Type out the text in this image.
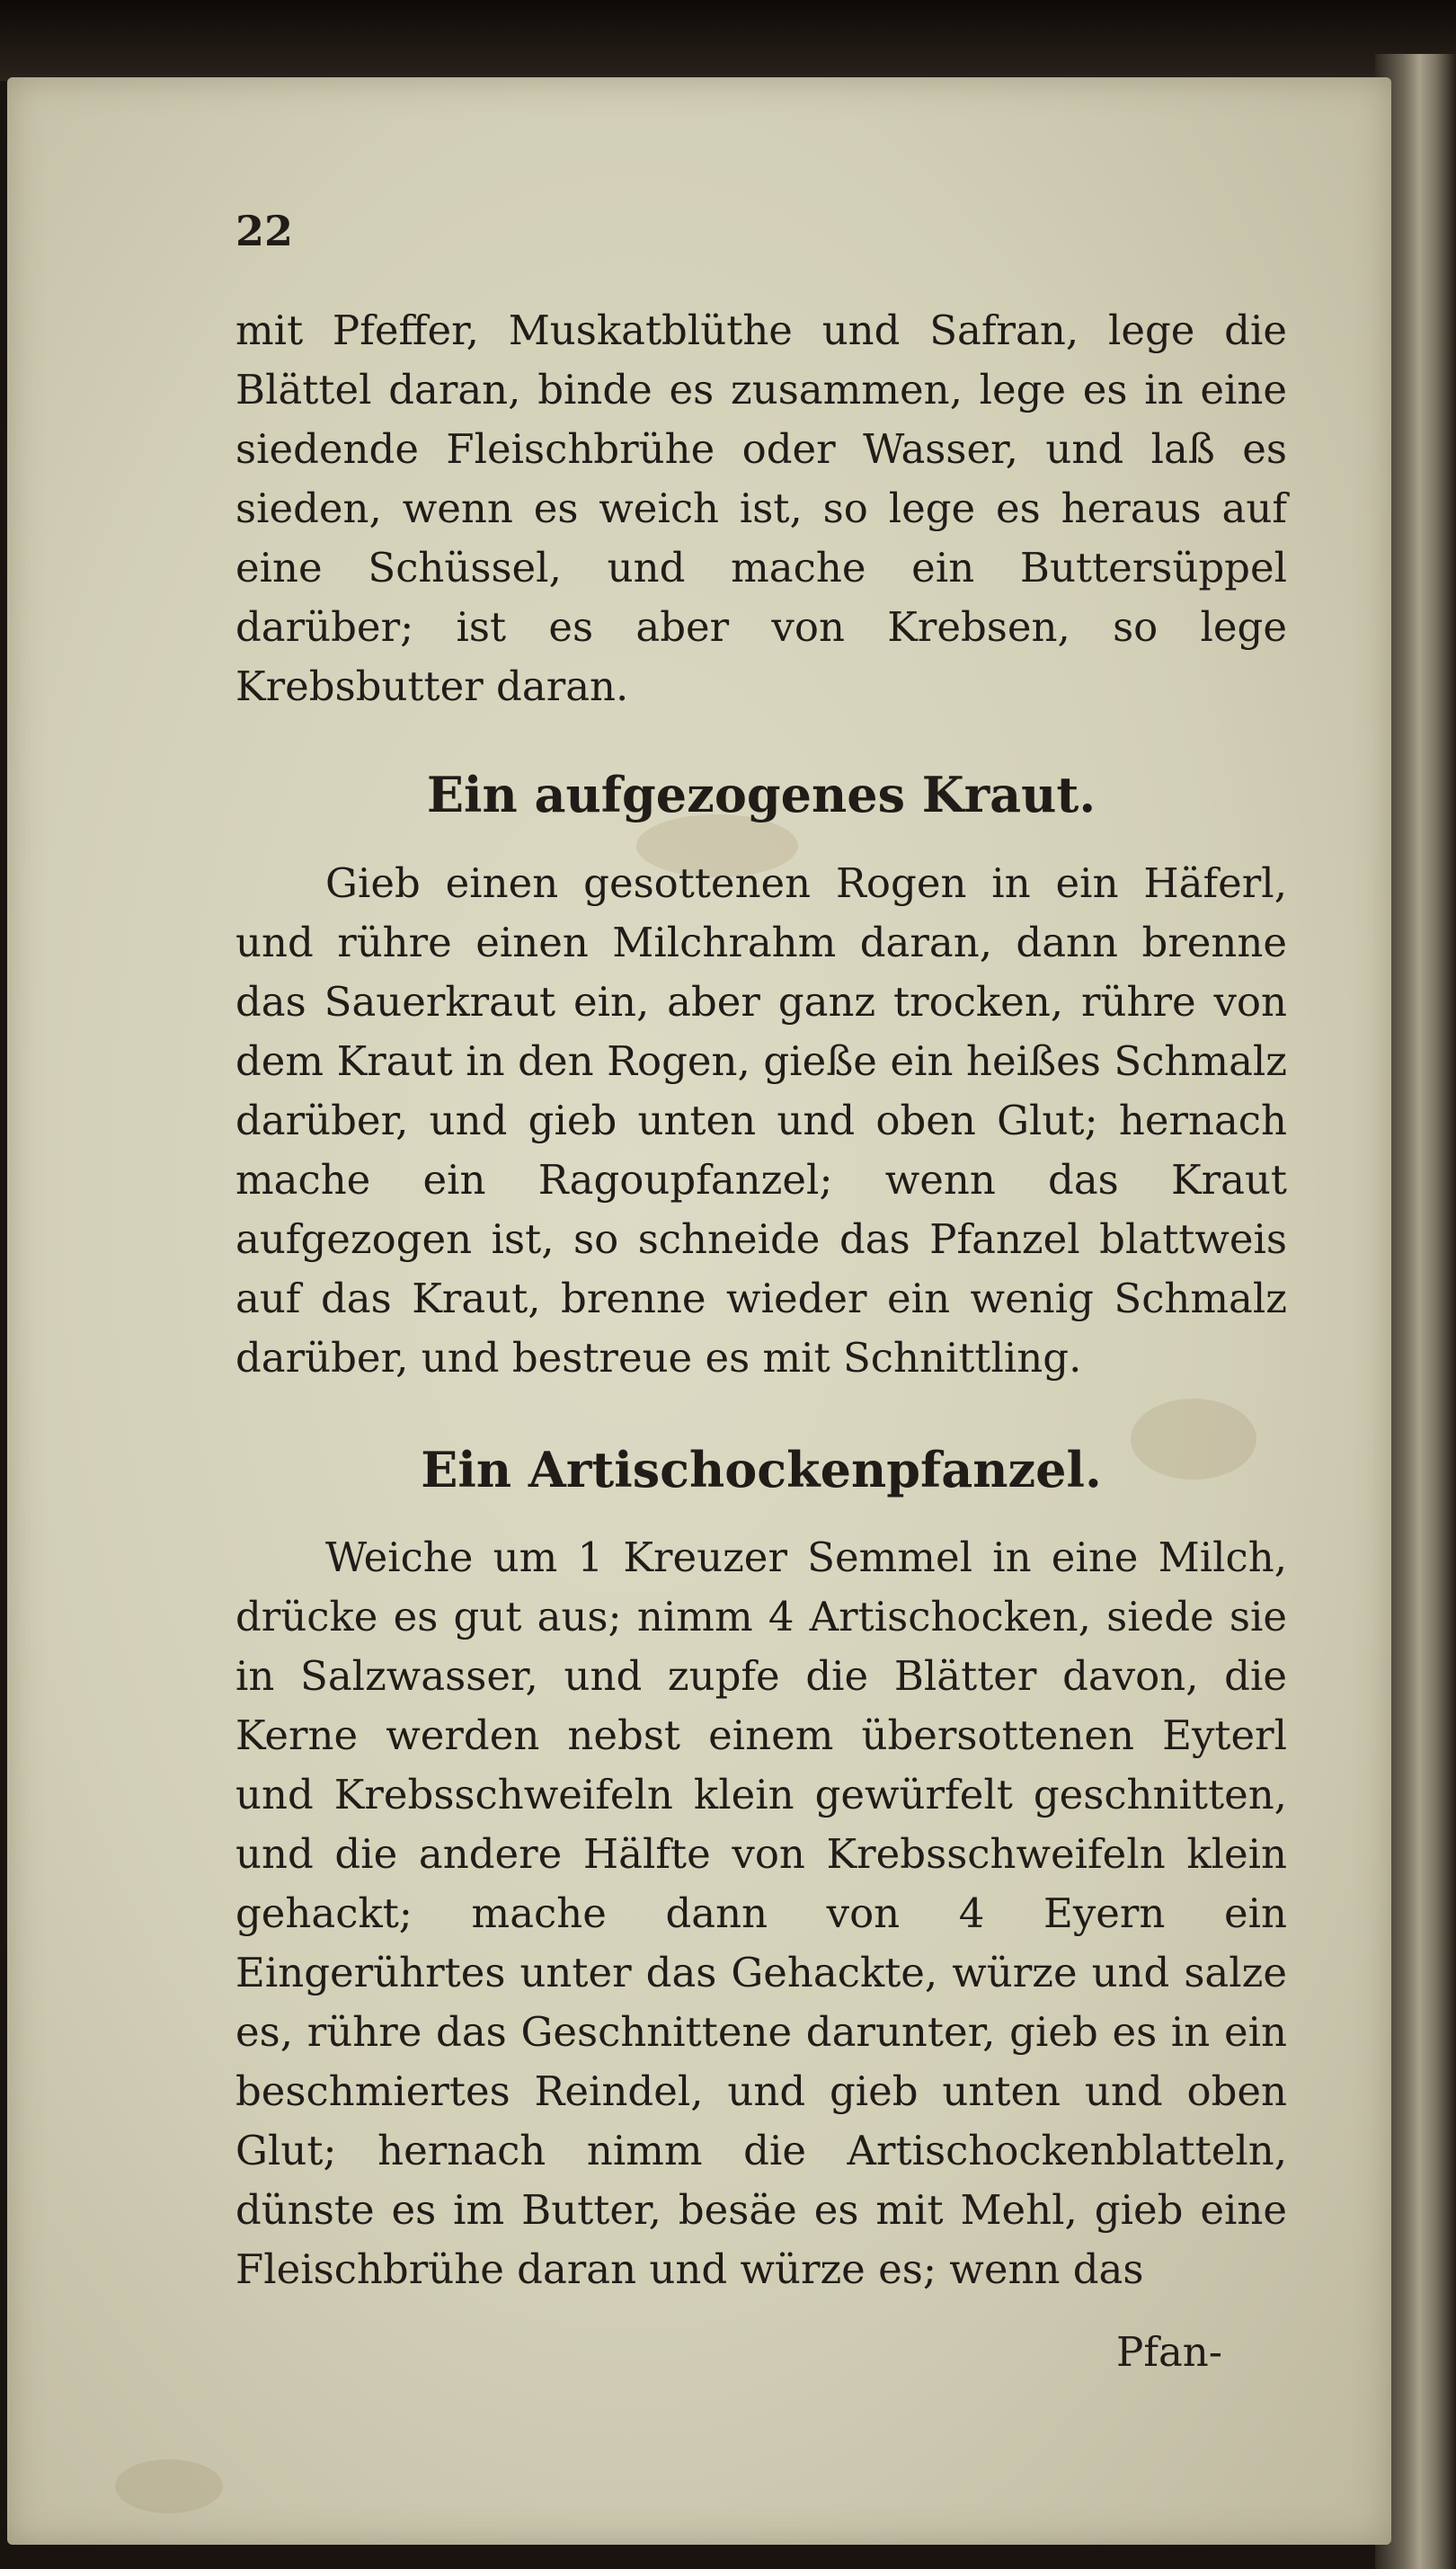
22

mit Pfeffer, Muskatblüthe und Safran, lege die Blättel daran, binde es zusammen, lege es in eine siedende Fleischbrühe oder Wasser, und laß es sieden, wenn es weich ist, so lege es heraus auf eine Schüssel, und mache ein Buttersüppel darüber; ist es aber von Krebsen, so lege Krebsbutter daran.

Ein aufgezogenes Kraut.

Gieb einen gesottenen Rogen in ein Häferl, und rühre einen Milchrahm daran, dann brenne das Sauerkraut ein, aber ganz trocken, rühre von dem Kraut in den Rogen, gieße ein heißes Schmalz darüber, und gieb unten und oben Glut; hernach mache ein Ragoupfanzel; wenn das Kraut aufgezogen ist, so schneide das Pfanzel blattweis auf das Kraut, brenne wieder ein wenig Schmalz darüber, und bestreue es mit Schnittling.

Ein Artischockenpfanzel.

Weiche um 1 Kreuzer Semmel in eine Milch, drücke es gut aus; nimm 4 Artischocken, siede sie in Salzwasser, und zupfe die Blätter davon, die Kerne werden nebst einem übersottenen Eyterl und Krebsschweifeln klein gewürfelt geschnitten, und die andere Hälfte von Krebsschweifeln klein gehackt; mache dann von 4 Eyern ein Eingerührtes unter das Gehackte, würze und salze es, rühre das Geschnittene darunter, gieb es in ein beschmiertes Reindel, und gieb unten und oben Glut; hernach nimm die Artischockenblatteln, dünste es im Butter, besäe es mit Mehl, gieb eine Fleischbrühe daran und würze es; wenn das

Pfan-
